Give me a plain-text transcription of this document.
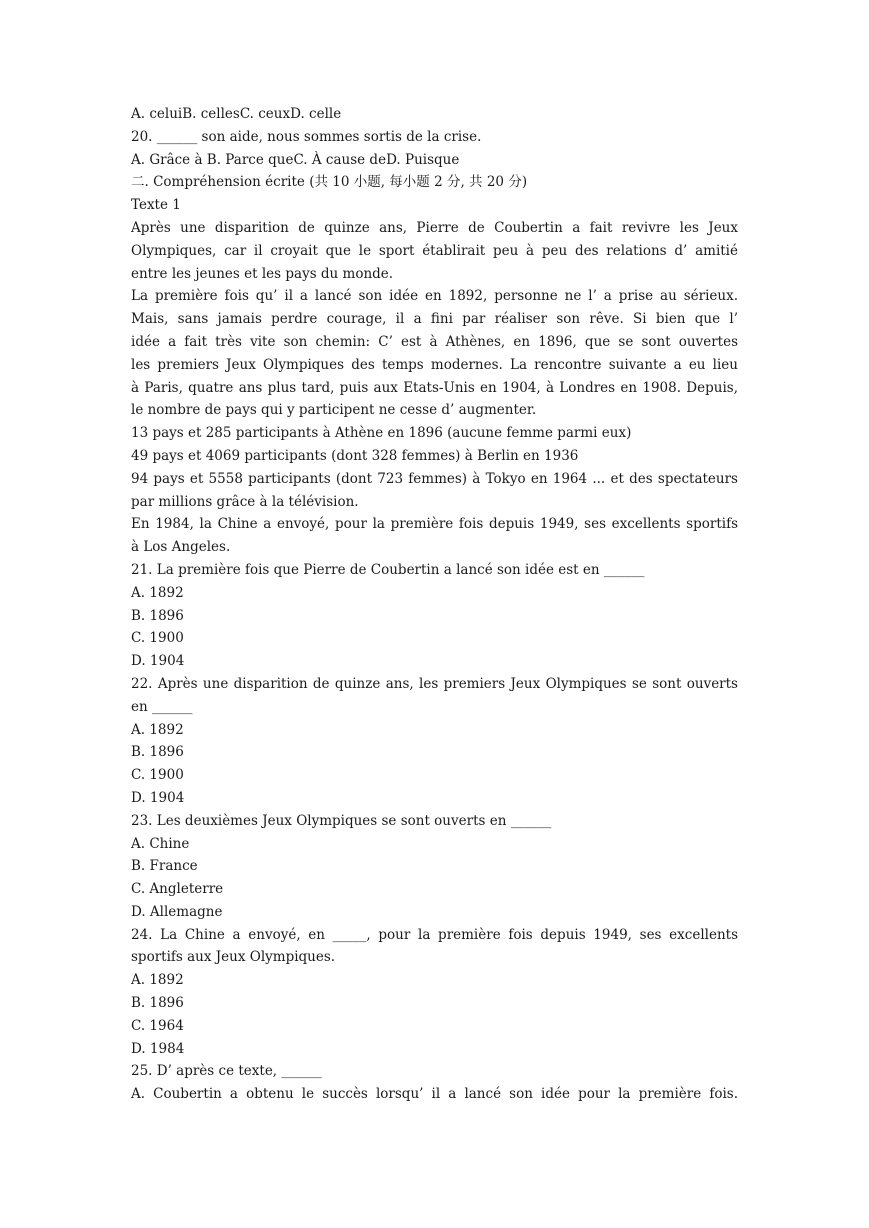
A. celuiB. cellesC. ceuxD. celle

20. ______ son aide, nous sommes sortis de la crise.

A. Grâce à B. Parce queC. À cause deD. Puisque

二. Compréhension écrite (共 10 小题, 每小题 2 分, 共 20 分)

Texte 1

Après une disparition de quinze ans, Pierre de Coubertin a fait revivre les Jeux

Olympiques, car il croyait que le sport établirait peu à peu des relations d’ amitié

entre les jeunes et les pays du monde.

La première fois qu’ il a lancé son idée en 1892, personne ne l’ a prise au sérieux.

Mais, sans jamais perdre courage, il a fini par réaliser son rêve. Si bien que l’

idée a fait très vite son chemin: C’ est à Athènes, en 1896, que se sont ouvertes

les premiers Jeux Olympiques des temps modernes. La rencontre suivante a eu lieu

à Paris, quatre ans plus tard, puis aux Etats-Unis en 1904, à Londres en 1908. Depuis,

le nombre de pays qui y participent ne cesse d’ augmenter.

13 pays et 285 participants à Athène en 1896 (aucune femme parmi eux)

49 pays et 4069 participants (dont 328 femmes) à Berlin en 1936

94 pays et 5558 participants (dont 723 femmes) à Tokyo en 1964 ... et des spectateurs

par millions grâce à la télévision.

En 1984, la Chine a envoyé, pour la première fois depuis 1949, ses excellents sportifs

à Los Angeles.

21. La première fois que Pierre de Coubertin a lancé son idée est en ______

A. 1892

B. 1896

C. 1900

D. 1904

22. Après une disparition de quinze ans, les premiers Jeux Olympiques se sont ouverts

en ______

A. 1892

B. 1896

C. 1900

D. 1904

23. Les deuxièmes Jeux Olympiques se sont ouverts en ______

A. Chine

B. France

C. Angleterre

D. Allemagne

24. La Chine a envoyé, en _____, pour la première fois depuis 1949, ses excellents

sportifs aux Jeux Olympiques.

A. 1892

B. 1896

C. 1964

D. 1984

25. D’ après ce texte, ______

A. Coubertin a obtenu le succès lorsqu’ il a lancé son idée pour la première fois.
